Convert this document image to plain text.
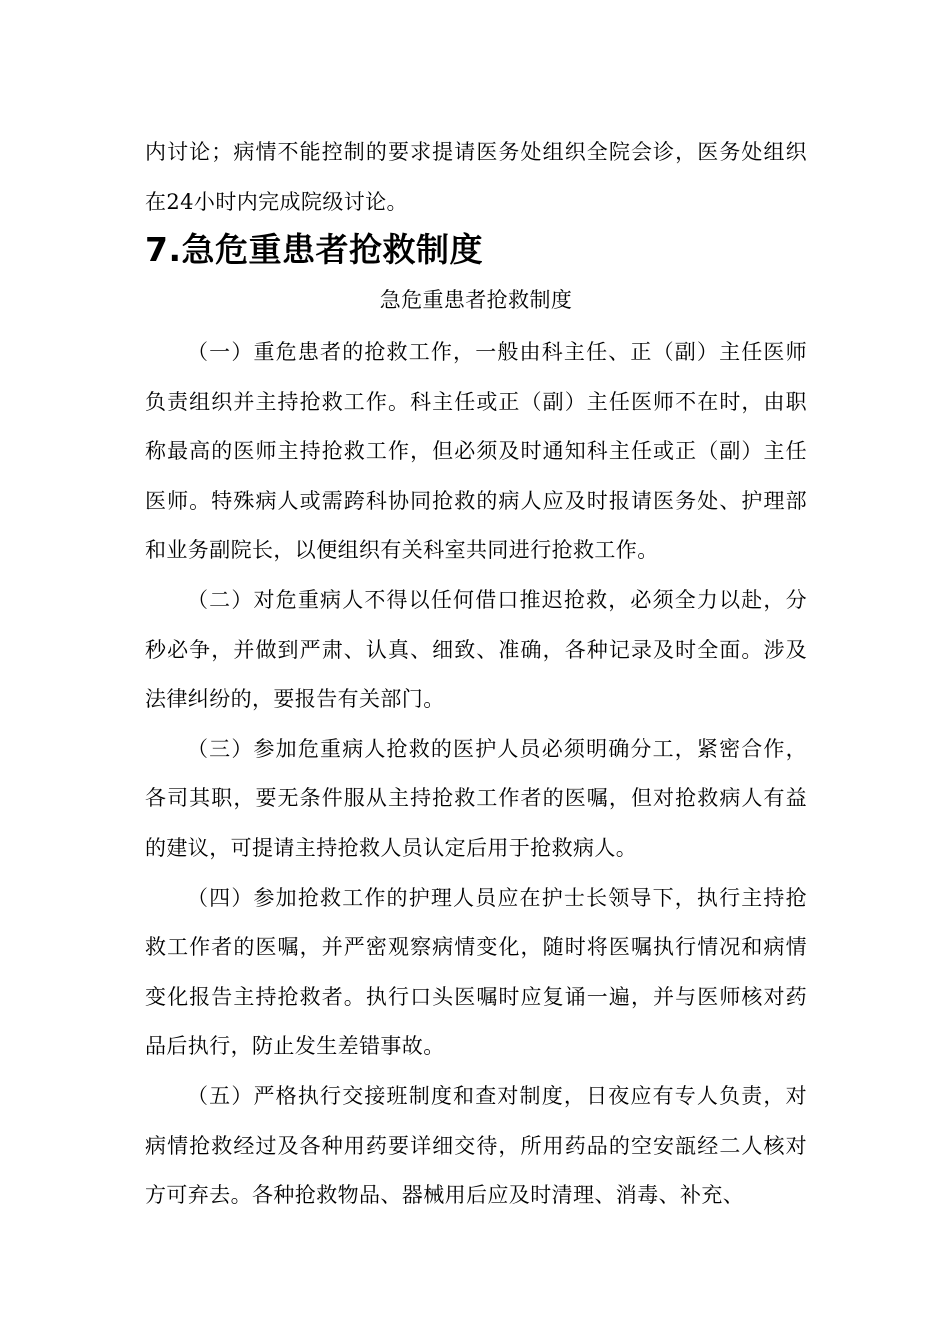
内讨论；病情不能控制的要求提请医务处组织全院会诊，医务处组织在24小时内完成院级讨论。

7.急危重患者抢救制度

急危重患者抢救制度

（一）重危患者的抢救工作，一般由科主任、正（副）主任医师负责组织并主持抢救工作。科主任或正（副）主任医师不在时，由职称最高的医师主持抢救工作，但必须及时通知科主任或正（副）主任医师。特殊病人或需跨科协同抢救的病人应及时报请医务处、护理部和业务副院长，以便组织有关科室共同进行抢救工作。

（二）对危重病人不得以任何借口推迟抢救，必须全力以赴，分秒必争，并做到严肃、认真、细致、准确，各种记录及时全面。涉及法律纠纷的，要报告有关部门。

（三）参加危重病人抢救的医护人员必须明确分工，紧密合作，各司其职，要无条件服从主持抢救工作者的医嘱，但对抢救病人有益的建议，可提请主持抢救人员认定后用于抢救病人。

（四）参加抢救工作的护理人员应在护士长领导下，执行主持抢救工作者的医嘱，并严密观察病情变化，随时将医嘱执行情况和病情变化报告主持抢救者。执行口头医嘱时应复诵一遍，并与医师核对药品后执行，防止发生差错事故。

（五）严格执行交接班制度和查对制度，日夜应有专人负责，对病情抢救经过及各种用药要详细交待，所用药品的空安瓿经二人核对方可弃去。各种抢救物品、器械用后应及时清理、消毒、补充、
